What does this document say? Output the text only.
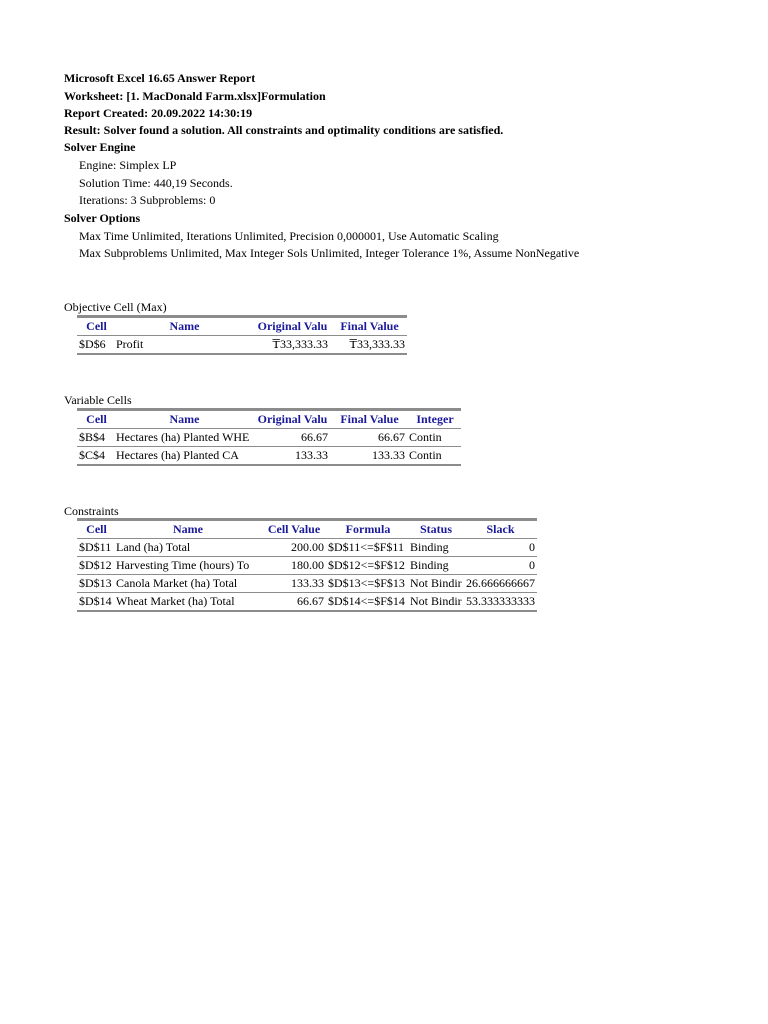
Microsoft Excel 16.65 Answer Report
Worksheet: [1. MacDonald Farm.xlsx]Formulation
Report Created: 20.09.2022 14:30:19
Result: Solver found a solution. All constraints and optimality conditions are satisfied.
Solver Engine
Engine: Simplex LP
Solution Time: 440,19 Seconds.
Iterations: 3 Subproblems: 0
Solver Options
Max Time Unlimited, Iterations Unlimited, Precision 0,000001, Use Automatic Scaling
Max Subproblems Unlimited, Max Integer Sols Unlimited, Integer Tolerance 1%, Assume NonNegative
Objective Cell (Max)
Cell	Name	Original Valu	Final Value
$D$6	Profit	₸33,333.33	₸33,333.33
Variable Cells
Cell	Name	Original Valu	Final Value	Integer
$B$4	Hectares (ha) Planted WHE	66.67	66.67	Contin
$C$4	Hectares (ha) Planted CA	133.33	133.33	Contin
Constraints
Cell	Name	Cell Value	Formula	Status	Slack
$D$11	Land (ha) Total	200.00	$D$11<=$F$11	Binding	0
$D$12	Harvesting Time (hours) To	180.00	$D$12<=$F$12	Binding	0
$D$13	Canola Market (ha) Total	133.33	$D$13<=$F$13	Not Bindir	26.666666667
$D$14	Wheat Market (ha) Total	66.67	$D$14<=$F$14	Not Bindir	53.333333333
